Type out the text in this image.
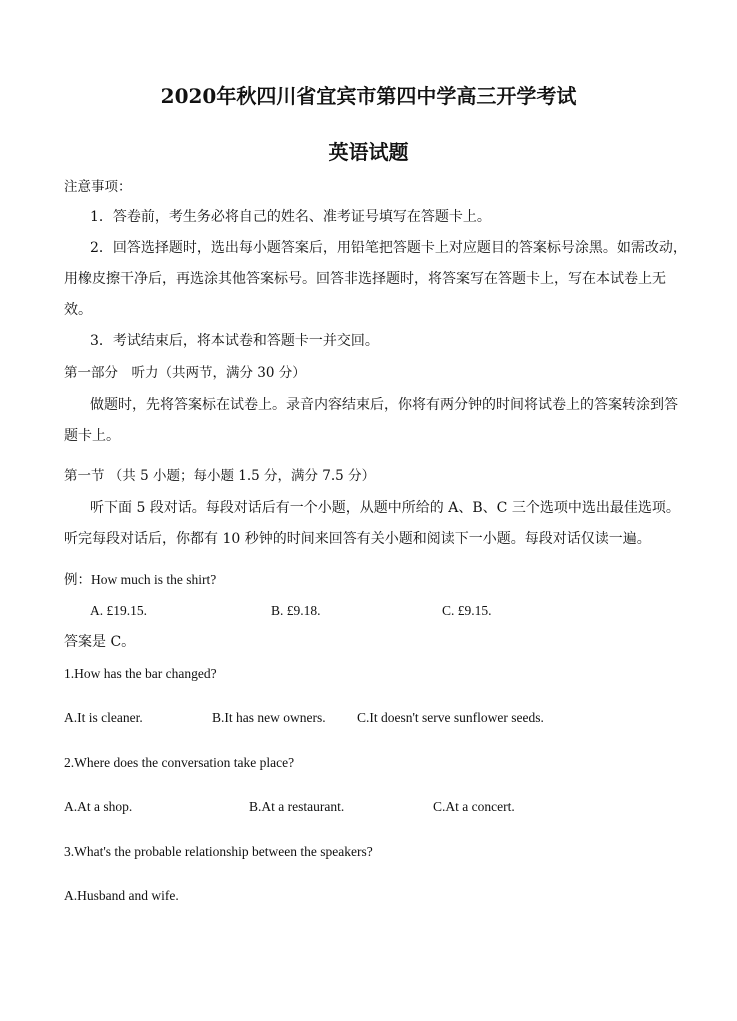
2020年秋四川省宜宾市第四中学高三开学考试
英语试题
注意事项：
1．答卷前，考生务必将自己的姓名、准考证号填写在答题卡上。
2．回答选择题时，选出每小题答案后，用铅笔把答题卡上对应题目的答案标号涂黑。如需改动，
用橡皮擦干净后，再选涂其他答案标号。回答非选择题时，将答案写在答题卡上，写在本试卷上无
效。
3．考试结束后，将本试卷和答题卡一并交回。
第一部分　听力（共两节，满分 30 分）
做题时，先将答案标在试卷上。录音内容结束后，你将有两分钟的时间将试卷上的答案转涂到答
题卡上。
第一节 （共 5 小题；每小题 1.5 分，满分 7.5 分）
听下面 5 段对话。每段对话后有一个小题，从题中所给的 A、B、C 三个选项中选出最佳选项。
听完每段对话后，你都有 10 秒钟的时间来回答有关小题和阅读下一小题。每段对话仅读一遍。
例：How much is the shirt?
A. £19.15.	B. £9.18.	C. £9.15.
答案是 C。
1.How has the bar changed?
A.It is cleaner.	B.It has new owners. C.It doesn't serve sunflower seeds.
2.Where does the conversation take place?
A.At a shop.	B.At a restaurant.	C.At a concert.
3.What's the probable relationship between the speakers?
A.Husband and wife.
